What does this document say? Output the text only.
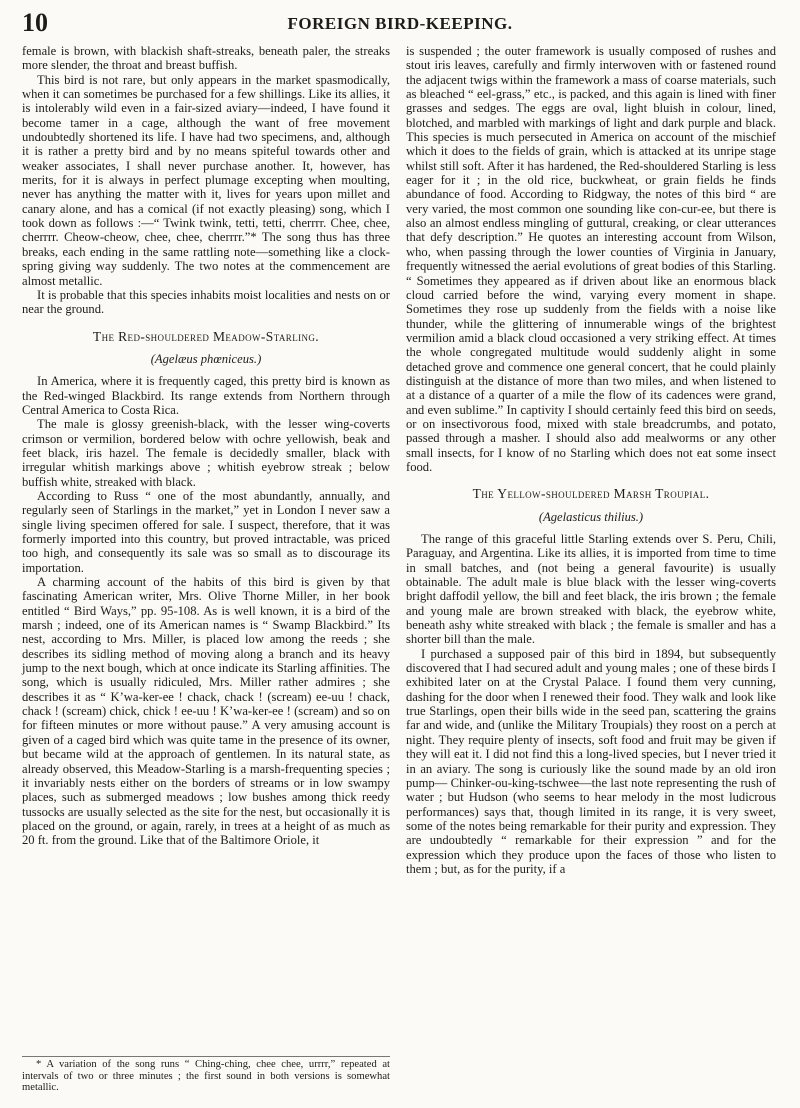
10	FOREIGN BIRD-KEEPING.

female is brown, with blackish shaft-streaks, beneath paler, the streaks more slender, the throat and breast buffish.

This bird is not rare, but only appears in the market spasmodically, when it can sometimes be purchased for a few shillings. Like its allies, it is intolerably wild even in a fair-sized aviary—indeed, I have found it become tamer in a cage, although the want of free movement undoubtedly shortened its life. I have had two specimens, and, although it is rather a pretty bird and by no means spiteful towards other and weaker associates, I shall never purchase another. It, however, has merits, for it is always in perfect plumage excepting when moulting, never has anything the matter with it, lives for years upon millet and canary alone, and has a comical (if not exactly pleasing) song, which I took down as follows :—“ Twink twink, tetti, tetti, cherrrr. Chee, chee, cherrrr. Cheow-cheow, chee, chee, cherrrr.”* The song thus has three breaks, each ending in the same rattling note—something like a clock-spring giving way suddenly. The two notes at the commencement are almost metallic.

It is probable that this species inhabits moist localities and nests on or near the ground.

The Red-shouldered Meadow-Starling.
(Agelæus phœniceus.)

In America, where it is frequently caged, this pretty bird is known as the Red-winged Blackbird. Its range extends from Northern through Central America to Costa Rica.

The male is glossy greenish-black, with the lesser wing-coverts crimson or vermilion, bordered below with ochre yellowish, beak and feet black, iris hazel. The female is decidedly smaller, black with irregular whitish markings above ; whitish eyebrow streak ; below buffish white, streaked with black.

According to Russ “ one of the most abundantly, annually, and regularly seen of Starlings in the market,” yet in London I never saw a single living specimen offered for sale. I suspect, therefore, that it was formerly imported into this country, but proved intractable, was priced too high, and consequently its sale was so small as to discourage its importation.

A charming account of the habits of this bird is given by that fascinating American writer, Mrs. Olive Thorne Miller, in her book entitled “ Bird Ways,” pp. 95-108. As is well known, it is a bird of the marsh ; indeed, one of its American names is “ Swamp Blackbird.” Its nest, according to Mrs. Miller, is placed low among the reeds ; she describes its sidling method of moving along a branch and its heavy jump to the next bough, which at once indicate its Starling affinities. The song, which is usually ridiculed, Mrs. Miller rather admires ; she describes it as “ K’wa-ker-ee ! chack, chack ! (scream) ee-uu ! chack, chack ! (scream) chick, chick ! ee-uu ! K’wa-ker-ee ! (scream) and so on for fifteen minutes or more without pause.” A very amusing account is given of a caged bird which was quite tame in the presence of its owner, but became wild at the approach of gentlemen. In its natural state, as already observed, this Meadow-Starling is a marsh-frequenting species ; it invariably nests either on the borders of streams or in low swampy places, such as submerged meadows ; low bushes among thick reedy tussocks are usually selected as the site for the nest, but occasionally it is placed on the ground, or again, rarely, in trees at a height of as much as 20 ft. from the ground. Like that of the Baltimore Oriole, it

* A variation of the song runs “ Ching-ching, chee chee, urrrr,” repeated at intervals of two or three minutes ; the first sound in both versions is somewhat metallic.

is suspended ; the outer framework is usually composed of rushes and stout iris leaves, carefully and firmly interwoven with or fastened round the adjacent twigs within the framework a mass of coarse materials, such as bleached “ eel-grass,” etc., is packed, and this again is lined with finer grasses and sedges. The eggs are oval, light bluish in colour, lined, blotched, and marbled with markings of light and dark purple and black. This species is much persecuted in America on account of the mischief which it does to the fields of grain, which is attacked at its unripe stage whilst still soft. After it has hardened, the Red-shouldered Starling is less eager for it ; in the old rice, buckwheat, or grain fields he finds abundance of food. According to Ridgway, the notes of this bird “ are very varied, the most common one sounding like con-cur-ee, but there is also an almost endless mingling of guttural, creaking, or clear utterances that defy description.” He quotes an interesting account from Wilson, who, when passing through the lower counties of Virginia in January, frequently witnessed the aerial evolutions of great bodies of this Starling. “ Sometimes they appeared as if driven about like an enormous black cloud carried before the wind, varying every moment in shape. Sometimes they rose up suddenly from the fields with a noise like thunder, while the glittering of innumerable wings of the brightest vermilion amid a black cloud occasioned a very striking effect. At times the whole congregated multitude would suddenly alight in some detached grove and commence one general concert, that he could plainly distinguish at the distance of more than two miles, and when listened to at a distance of a quarter of a mile the flow of its cadences were grand, and even sublime.” In captivity I should certainly feed this bird on seeds, or on insectivorous food, mixed with stale breadcrumbs, and potato, passed through a masher. I should also add mealworms or any other small insects, for I know of no Starling which does not eat some insect food.

The Yellow-shouldered Marsh Troupial.
(Agelasticus thilius.)

The range of this graceful little Starling extends over S. Peru, Chili, Paraguay, and Argentina. Like its allies, it is imported from time to time in small batches, and (not being a general favourite) is usually obtainable. The adult male is blue black with the lesser wing-coverts bright daffodil yellow, the bill and feet black, the iris brown ; the female and young male are brown streaked with black, the eyebrow white, beneath ashy white streaked with black ; the female is smaller and has a shorter bill than the male.

I purchased a supposed pair of this bird in 1894, but subsequently discovered that I had secured adult and young males ; one of these birds I exhibited later on at the Crystal Palace. I found them very cunning, dashing for the door when I renewed their food. They walk and look like true Starlings, open their bills wide in the seed pan, scattering the grains far and wide, and (unlike the Military Troupials) they roost on a perch at night. They require plenty of insects, soft food and fruit may be given if they will eat it. I did not find this a long-lived species, but I never tried it in an aviary. The song is curiously like the sound made by an old iron pump— Chinker-ou-king-tschwee—the last note representing the rush of water ; but Hudson (who seems to hear melody in the most ludicrous performances) says that, though limited in its range, it is very sweet, some of the notes being remarkable for their purity and expression. They are undoubtedly “ remarkable for their expression ” and for the expression which they produce upon the faces of those who listen to them ; but, as for the purity, if a
